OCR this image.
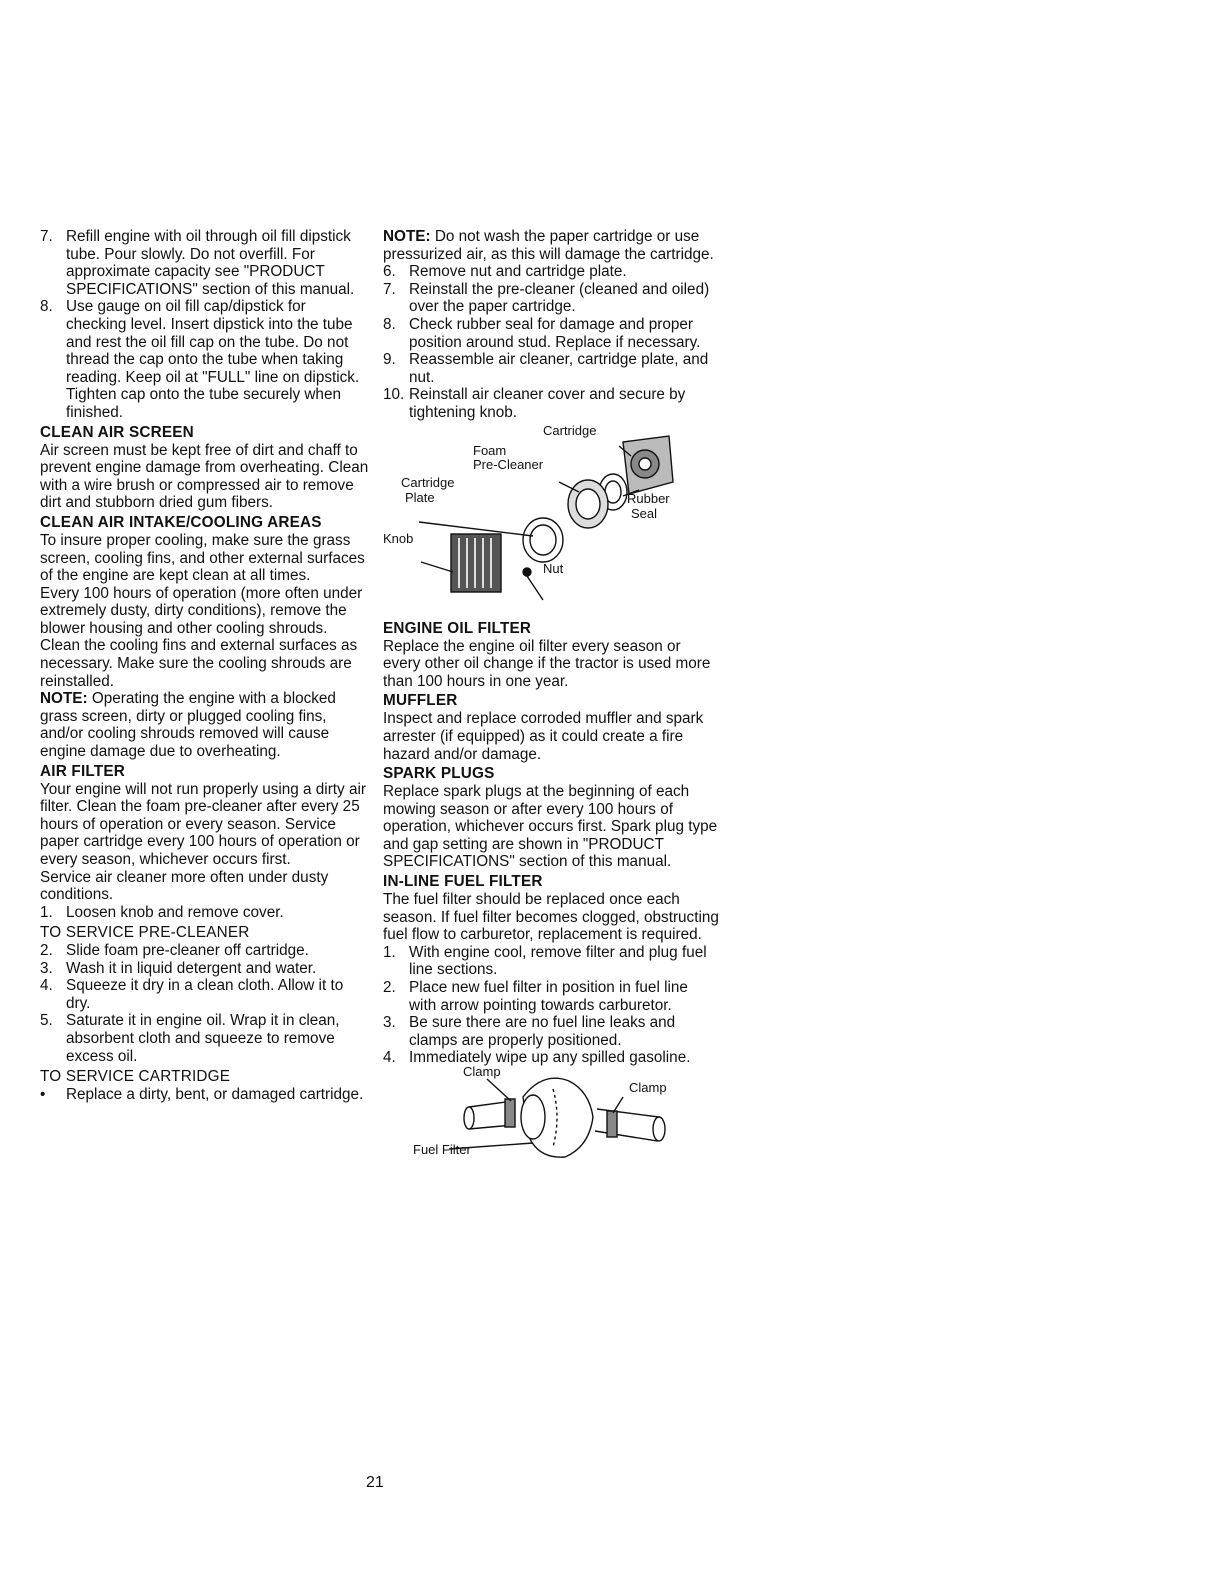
7. Refill engine with oil through oil fill dipstick tube. Pour slowly. Do not overfill. For approximate capacity see "PRODUCT SPECIFICATIONS" section of this manual.
8. Use gauge on oil fill cap/dipstick for checking level. Insert dipstick into the tube and rest the oil fill cap on the tube. Do not thread the cap onto the tube when taking reading. Keep oil at "FULL" line on dipstick. Tighten cap onto the tube securely when finished.
CLEAN AIR SCREEN

Air screen must be kept free of dirt and chaff to prevent engine damage from overheating. Clean with a wire brush or compressed air to remove dirt and stubborn dried gum fibers.

CLEAN AIR INTAKE/COOLING AREAS

To insure proper cooling, make sure the grass screen, cooling fins, and other external surfaces of the engine are kept clean at all times.

Every 100 hours of operation (more often under extremely dusty, dirty conditions), remove the blower housing and other cooling shrouds. Clean the cooling fins and external surfaces as necessary. Make sure the cooling shrouds are reinstalled.

NOTE: Operating the engine with a blocked grass screen, dirty or plugged cooling fins, and/or cooling shrouds removed will cause engine damage due to overheating.

AIR FILTER

Your engine will not run properly using a dirty air filter. Clean the foam pre-cleaner after every 25 hours of operation or every season. Service paper cartridge every 100 hours of operation or every season, whichever occurs first.

Service air cleaner more often under dusty conditions.

1. Loosen knob and remove cover.

TO SERVICE PRE-CLEANER

2. Slide foam pre-cleaner off cartridge.
3. Wash it in liquid detergent and water.
4. Squeeze it dry in a clean cloth. Allow it to dry.
5. Saturate it in engine oil. Wrap it in clean, absorbent cloth and squeeze to remove excess oil.

TO SERVICE CARTRIDGE

•	Replace a dirty, bent, or damaged cartridge.

NOTE: Do not wash the paper cartridge or use pressurized air, as this will damage the cartridge.

6. Remove nut and cartridge plate.
7. Reinstall the pre-cleaner (cleaned and oiled) over the paper cartridge.
8. Check rubber seal for damage and proper position around stud. Replace if necessary.
9. Reassemble air cleaner, cartridge plate, and nut.
10. Reinstall air cleaner cover and secure by tightening knob.
Cartridge
Foam
Pre-Cleaner
Cartridge
Plate	Rubber
Seal
Knob
Nut
ENGINE OIL FILTER

Replace the engine oil filter every season or every other oil change if the tractor is used more than 100 hours in one year.

MUFFLER

Inspect and replace corroded muffler and spark arrester (if equipped) as it could create a fire hazard and/or damage.

SPARK PLUGS

Replace spark plugs at the beginning of each mowing season or after every 100 hours of operation, whichever occurs first. Spark plug type and gap setting are shown in "PRODUCT SPECIFICATIONS" section of this manual.

IN-LINE FUEL FILTER

The fuel filter should be replaced once each season. If fuel filter becomes clogged, obstructing fuel flow to carburetor, replacement is required.

1. With engine cool, remove filter and plug fuel line sections.
2. Place new fuel filter in position in fuel line with arrow pointing towards carburetor.
3. Be sure there are no fuel line leaks and clamps are properly positioned.
4. Immediately wipe up any spilled gasoline.
Clamp
Clamp
Fuel Filter
21
